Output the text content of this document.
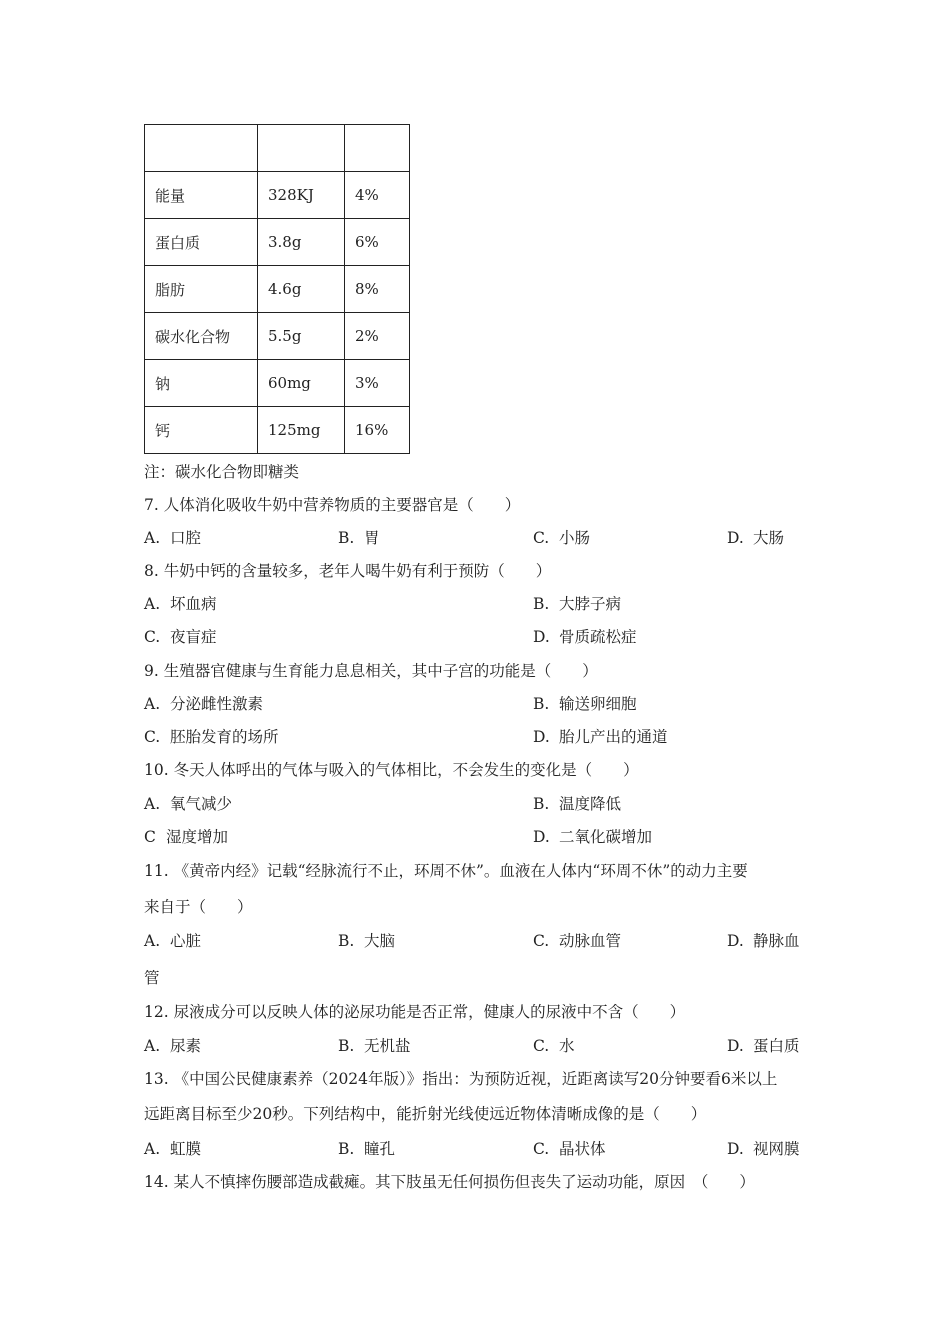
能量	328KJ	4%
蛋白质	3.8g	6%
脂肪	4.6g	8%
碳水化合物	5.5g	2%
钠	60mg	3%
钙	125mg	16%
注：碳水化合物即糖类
7. 人体消化吸收牛奶中营养物质的主要器官是（　　）
A. 口腔	B. 胃	C. 小肠	D. 大肠
8. 牛奶中钙的含量较多，老年人喝牛奶有利于预防（　　）
A. 坏血病	B. 大脖子病
C. 夜盲症	D. 骨质疏松症
9. 生殖器官健康与生育能力息息相关，其中子宫的功能是（　　）
A. 分泌雌性激素	B. 输送卵细胞
C. 胚胎发育的场所	D. 胎儿产出的通道
10. 冬天人体呼出的气体与吸入的气体相比，不会发生的变化是（　　）
A. 氧气减少	B. 温度降低
C 湿度增加	D. 二氧化碳增加
11. 《黄帝内经》记载“经脉流行不止，环周不休”。血液在人体内“环周不休”的动力主要
来自于（　　）
A. 心脏	B. 大脑	C. 动脉血管	D. 静脉血
管
12. 尿液成分可以反映人体的泌尿功能是否正常，健康人的尿液中不含（　　）
A. 尿素	B. 无机盐	C. 水	D. 蛋白质
13. 《中国公民健康素养（2024年版）》指出：为预防近视，近距离读写20分钟要看6米以上
远距离目标至少20秒。下列结构中，能折射光线使远近物体清晰成像的是（　　）
A. 虹膜	B. 瞳孔	C. 晶状体	D. 视网膜
14. 某人不慎摔伤腰部造成截瘫。其下肢虽无任何损伤但丧失了运动功能，原因　（　　）
